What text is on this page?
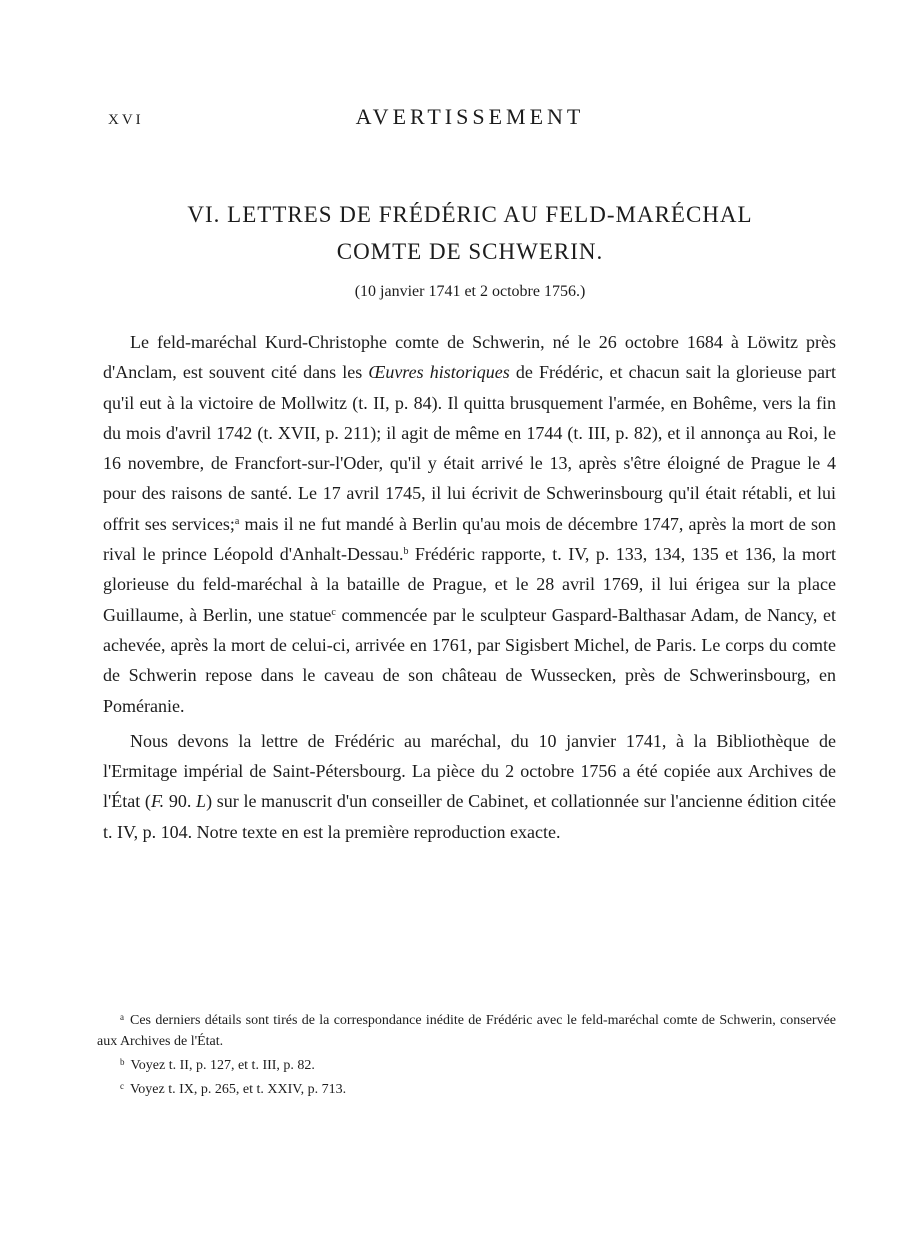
XVI	AVERTISSEMENT
VI. LETTRES DE FRÉDÉRIC AU FELD-MARÉCHAL
COMTE DE SCHWERIN.
(10 janvier 1741 et 2 octobre 1756.)

Le feld-maréchal Kurd-Christophe comte de Schwerin, né le 26 octobre 1684 à Löwitz près d'Anclam, est souvent cité dans les Œuvres historiques de Frédéric, et chacun sait la glorieuse part qu'il eut à la victoire de Mollwitz (t. II, p. 84). Il quitta brusquement l'armée, en Bohême, vers la fin du mois d'avril 1742 (t. XVII, p. 211); il agit de même en 1744 (t. III, p. 82), et il annonça au Roi, le 16 novembre, de Francfort-sur-l'Oder, qu'il y était arrivé le 13, après s'être éloigné de Prague le 4 pour des raisons de santé. Le 17 avril 1745, il lui écrivit de Schwerinsbourg qu'il était rétabli, et lui offrit ses services;$^a$ mais il ne fut mandé à Berlin qu'au mois de décembre 1747, après la mort de son rival le prince Léopold d'Anhalt-Dessau.$^b$ Frédéric rapporte, t. IV, p. 133, 134, 135 et 136, la mort glorieuse du feld-maréchal à la bataille de Prague, et le 28 avril 1769, il lui érigea sur la place Guillaume, à Berlin, une statue$^c$ commencée par le sculpteur Gaspard-Balthasar Adam, de Nancy, et achevée, après la mort de celui-ci, arrivée en 1761, par Sigisbert Michel, de Paris. Le corps du comte de Schwerin repose dans le caveau de son château de Wussecken, près de Schwerinsbourg, en Poméranie.

Nous devons la lettre de Frédéric au maréchal, du 10 janvier 1741, à la Bibliothèque de l'Ermitage impérial de Saint-Pétersbourg. La pièce du 2 octobre 1756 a été copiée aux Archives de l'État (F. 90. L) sur le manuscrit d'un conseiller de Cabinet, et collationnée sur l'ancienne édition citée t. IV, p. 104. Notre texte en est la première reproduction exacte.

$^a$ Ces derniers détails sont tirés de la correspondance inédite de Frédéric avec le feld-maréchal comte de Schwerin, conservée aux Archives de l'État.

$^b$ Voyez t. II, p. 127, et t. III, p. 82.

$^c$ Voyez t. IX, p. 265, et t. XXIV, p. 713.
